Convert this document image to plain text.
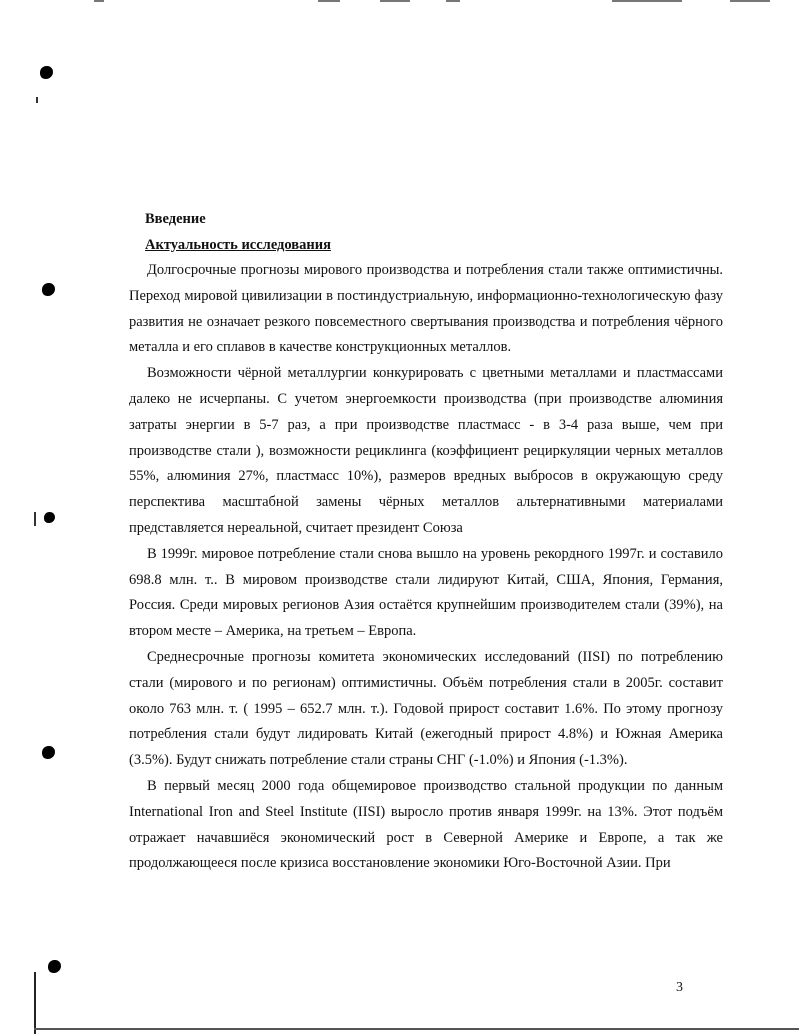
Введение
Актуальность исследования

Долгосрочные прогнозы мирового производства и потребления стали также оптимистичны. Переход мировой цивилизации в постиндустриальную, информационно-технологическую фазу развития не означает резкого повсеместного свертывания производства и потребления чёрного металла и его сплавов в качестве конструкционных металлов.

Возможности чёрной металлургии конкурировать с цветными металлами и пластмассами далеко не исчерпаны. С учетом энергоемкости производства (при производстве алюминия затраты энергии в 5-7 раз, а при производстве пластмасс - в 3-4 раза выше, чем при производстве стали ), возможности рециклинга (коэффициент рециркуляции черных металлов 55%, алюминия 27%, пластмасс 10%), размеров вредных выбросов в окружающую среду перспектива масштабной замены чёрных металлов альтернативными материалами представляется нереальной, считает президент Союза

В 1999г. мировое потребление стали снова вышло на уровень рекордного 1997г. и составило 698.8 млн. т.. В мировом производстве стали лидируют Китай, США, Япония, Германия, Россия. Среди мировых регионов Азия остаётся крупнейшим производителем стали (39%), на втором месте – Америка, на третьем – Европа.

Среднесрочные прогнозы комитета экономических исследований (IISI) по потреблению стали (мирового и по регионам) оптимистичны. Объём потребления стали в 2005г. составит около 763 млн. т. ( 1995 – 652.7 млн. т.). Годовой прирост составит 1.6%. По этому прогнозу потребления стали будут лидировать Китай (ежегодный прирост 4.8%) и Южная Америка (3.5%). Будут снижать потребление стали страны СНГ (-1.0%) и Япония (-1.3%).

В первый месяц 2000 года общемировое производство стальной продукции по данным International Iron and Steel Institute (IISI) выросло против января 1999г. на 13%. Этот подъём отражает начавшиёся экономический рост в Северной Америке и Европе, а так же продолжающееся после кризиса восстановление экономики Юго-Восточной Азии. При

3
